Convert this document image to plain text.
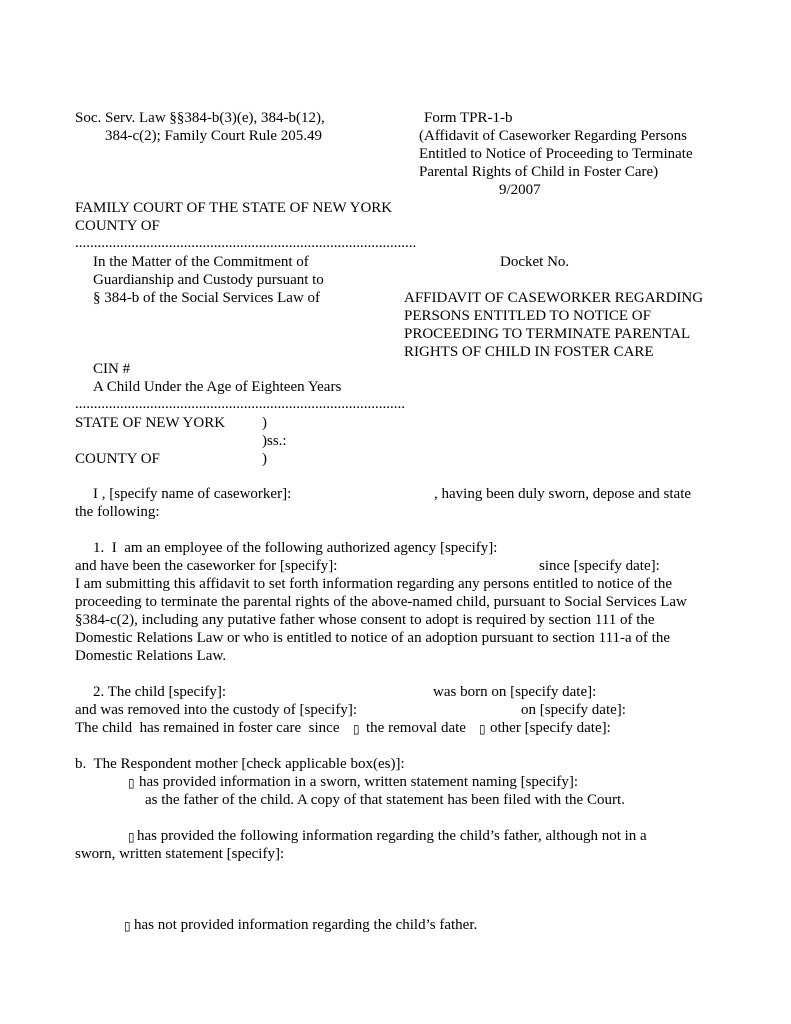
Soc. Serv. Law §§384-b(3)(e), 384-b(12),
384-c(2); Family Court Rule 205.49
Form TPR-1-b
(Affidavit of Caseworker Regarding Persons
Entitled to Notice of Proceeding to Terminate
Parental Rights of Child in Foster Care)
9/2007
FAMILY COURT OF THE STATE OF NEW YORK
COUNTY OF
...........................................................................................
In the Matter of the Commitment of
Guardianship and Custody pursuant to
§ 384-b of the Social Services Law of
CIN #
A Child Under the Age of Eighteen Years
........................................................................................
Docket No.
AFFIDAVIT OF CASEWORKER REGARDING
PERSONS ENTITLED TO NOTICE OF
PROCEEDING TO TERMINATE PARENTAL
RIGHTS OF CHILD IN FOSTER CARE
STATE OF NEW YORK )
)ss.:
COUNTY OF	)
I , [specify name of caseworker]:	, having been duly sworn, depose and state
the following:
1.  I  am an employee of the following authorized agency [specify]:
and have been the caseworker for [specify]:	since [specify date]:
I am submitting this affidavit to set forth information regarding any persons entitled to notice of the
proceeding to terminate the parental rights of the above-named child, pursuant to Social Services Law
§384-c(2), including any putative father whose consent to adopt is required by section 111 of the
Domestic Relations Law or who is entitled to notice of an adoption pursuant to section 111-a of the
Domestic Relations Law.
2. The child [specify]:	was born on [specify date]:
and was removed into the custody of [specify]:	on [specify date]:
The child  has remained in foster care  since ▯ the removal date ▯ other [specify date]:
b.  The Respondent mother [check applicable box(es)]:
▯ has provided information in a sworn, written statement naming [specify]:
as the father of the child. A copy of that statement has been filed with the Court.
▯ has provided the following information regarding the child’s father, although not in a
sworn, written statement [specify]:
▯ has not provided information regarding the child’s father.
